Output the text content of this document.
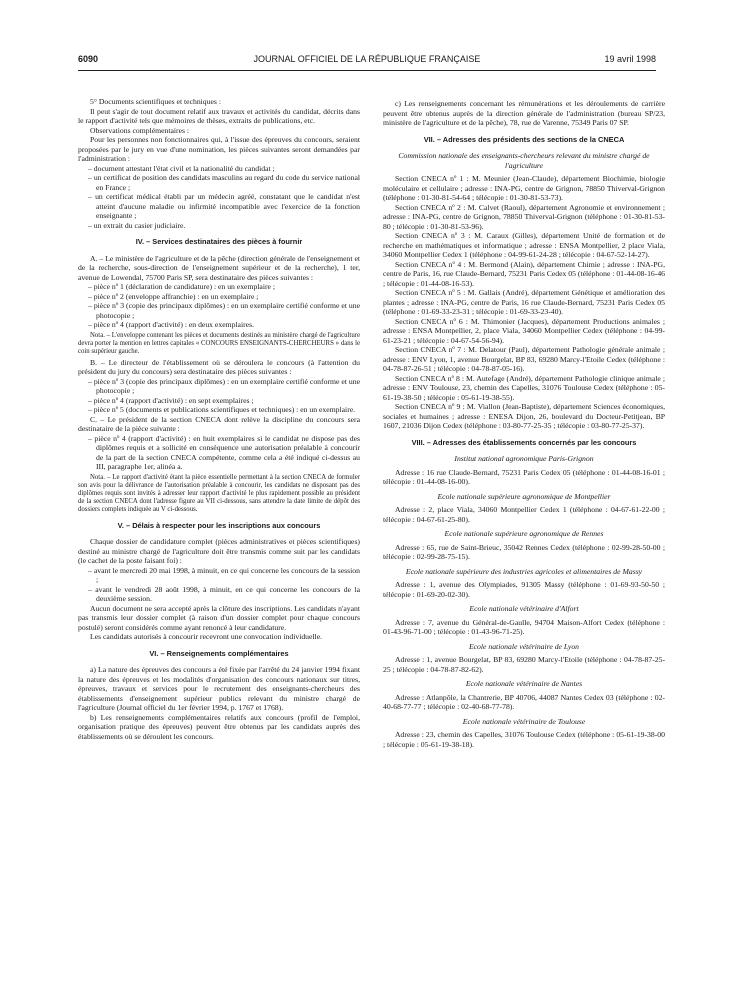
6090	JOURNAL OFFICIEL DE LA RÉPUBLIQUE FRANÇAISE	19 avril 1998

5° Documents scientifiques et techniques :

Il peut s'agir de tout document relatif aux travaux et activités du candidat, décrits dans le rapport d'activité tels que mémoires de thèses, extraits de publications, etc.

Observations complémentaires :

Pour les personnes non fonctionnaires qui, à l'issue des épreuves du concours, seraient proposées par le jury en vue d'une nomination, les pièces suivantes seront demandées par l'administration :

– document attestant l'état civil et la nationalité du candidat ;
– un certificat de position des candidats masculins au regard du code du service national en France ;
– un certificat médical établi par un médecin agréé, constatant que le candidat n'est atteint d'aucune maladie ou infirmité incompatible avec l'exercice de la fonction enseignante ;
– un extrait du casier judiciaire.

IV. – Services destinataires des pièces à fournir

A. – Le ministère de l'agriculture et de la pêche (direction générale de l'enseignement et de la recherche, sous-direction de l'enseignement supérieur et de la recherche), 1 ter, avenue de Lowendal, 75700 Paris SP, sera destinataire des pièces suivantes :

– pièce nº 1 (déclaration de candidature) : en un exemplaire ;
– pièce nº 2 (enveloppe affranchie) : en un exemplaire ;
– pièce nº 3 (copie des principaux diplômes) : en un exemplaire certifié conforme et une photocopie ;
– pièce nº 4 (rapport d'activité) : en deux exemplaires.

Nota. – L'enveloppe contenant les pièces et documents destinés au ministère chargé de l'agriculture devra porter la mention en lettres capitales « CONCOURS ENSEIGNANTS-CHERCHEURS » dans le coin supérieur gauche.

B. – Le directeur de l'établissement où se déroulera le concours (à l'attention du président du jury du concours) sera destinataire des pièces suivantes :

– pièce nº 3 (copie des principaux diplômes) : en un exemplaire certifié conforme et une photocopie ;
– pièce nº 4 (rapport d'activité) : en sept exemplaires ;
– pièce nº 5 (documents et publications scientifiques et techniques) : en un exemplaire.

C. – Le président de la section CNECA dont relève la discipline du concours sera destinataire de la pièce suivante :

– pièce nº 4 (rapport d'activité) : en huit exemplaires si le candidat ne dispose pas des diplômes requis et a sollicité en conséquence une autorisation préalable à concourir de la part de la section CNECA compétente, comme cela a été indiqué ci-dessus au III, paragraphe 1er, alinéa a.

Nota. – Le rapport d'activité étant la pièce essentielle permettant à la section CNECA de formuler son avis pour la délivrance de l'autorisation préalable à concourir, les candidats ne disposant pas des diplômes requis sont invités à adresser leur rapport d'activité le plus rapidement possible au président de la section CNECA dont l'adresse figure au VII ci-dessous, sans attendre la date limite de dépôt des dossiers complets indiquée au V ci-dessous.

V. – Délais à respecter pour les inscriptions aux concours

Chaque dossier de candidature complet (pièces administratives et pièces scientifiques) destiné au ministre chargé de l'agriculture doit être transmis comme suit par les candidats (le cachet de la poste faisant foi) :

– avant le mercredi 20 mai 1998, à minuit, en ce qui concerne les concours de la session ;
– avant le vendredi 28 août 1998, à minuit, en ce qui concerne les concours de la deuxième session.

Aucun document ne sera accepté après la clôture des inscriptions. Les candidats n'ayant pas transmis leur dossier complet (à raison d'un dossier complet pour chaque concours postulé) seront considérés comme ayant renoncé à leur candidature.

Les candidats autorisés à concourir recevront une convocation individuelle.

VI. – Renseignements complémentaires

a) La nature des épreuves des concours a été fixée par l'arrêté du 24 janvier 1994 fixant la nature des épreuves et les modalités d'organisation des concours nationaux sur titres, épreuves, travaux et services pour le recrutement des enseignants-chercheurs des établissements d'enseignement supérieur publics relevant du ministre chargé de l'agriculture (Journal officiel du 1er février 1994, p. 1767 et 1768).

b) Les renseignements complémentaires relatifs aux concours (profil de l'emploi, organisation pratique des épreuves) peuvent être obtenus par les candidats auprès des établissements où se déroulent les concours.

c) Les renseignements concernant les rémunérations et les déroulements de carrière peuvent être obtenus auprès de la direction générale de l'administration (bureau SP/23, ministère de l'agriculture et de la pêche), 78, rue de Varenne, 75349 Paris 07 SP.

VII. – Adresses des présidents des sections de la CNECA

Commission nationale des enseignants-chercheurs relevant du ministre chargé de l'agriculture

Section CNECA nº 1 : M. Meunier (Jean-Claude), département Biochimie, biologie moléculaire et cellulaire ; adresse : INA-PG, centre de Grignon, 78850 Thiverval-Grignon (téléphone : 01-30-81-54-64 ; télécopie : 01-30-81-53-73).

Section CNECA nº 2 : M. Calvet (Raoul), département Agronomie et environnement ; adresse : INA-PG, centre de Grignon, 78850 Thiverval-Grignon (téléphone : 01-30-81-53-80 ; télécopie : 01-30-81-53-96).

Section CNECA nº 3 : M. Caraux (Gilles), département Unité de formation et de recherche en mathématiques et informatique ; adresse : ENSA Montpellier, 2 place Viala, 34060 Montpellier Cedex 1 (téléphone : 04-99-61-24-28 ; télécopie : 04-67-52-14-27).

Section CNECA nº 4 : M. Bermond (Alain), département Chimie ; adresse : INA-PG, centre de Paris, 16, rue Claude-Bernard, 75231 Paris Cedex 05 (téléphone : 01-44-08-16-46 ; télécopie : 01-44-08-16-53).

Section CNECA nº 5 : M. Gallais (André), département Génétique et amélioration des plantes ; adresse : INA-PG, centre de Paris, 16 rue Claude-Bernard, 75231 Paris Cedex 05 (téléphone : 01-69-33-23-31 ; télécopie : 01-69-33-23-40).

Section CNECA nº 6 : M. Thimonier (Jacques), département Productions animales ; adresse : ENSA Montpellier, 2, place Viala, 34060 Montpellier Cedex (téléphone : 04-99-61-23-21 ; télécopie : 04-67-54-56-94).

Section CNECA nº 7 : M. Delatour (Paul), département Pathologie générale animale ; adresse : ENV Lyon, 1, avenue Bourgelat, BP 83, 69280 Marcy-l'Etoile Cedex (téléphone : 04-78-87-26-51 ; télécopie : 04-78-87-05-16).

Section CNECA nº 8 : M. Autefage (André), département Pathologie clinique animale ; adresse : ENV Toulouse, 23, chemin des Capelles, 31076 Toulouse Cedex (téléphone : 05-61-19-38-50 ; télécopie : 05-61-19-38-55).

Section CNECA nº 9 : M. Viallon (Jean-Baptiste), département Sciences économiques, sociales et humaines ; adresse : ENESA Dijon, 26, boulevard du Docteur-Petitjean, BP 1607, 21036 Dijon Cedex (téléphone : 03-80-77-25-35 ; télécopie : 03-80-77-25-37).

VIII. – Adresses des établissements concernés par les concours

Institut national agronomique Paris-Grignon

Adresse : 16 rue Claude-Bernard, 75231 Paris Cedex 05 (téléphone : 01-44-08-16-01 ; télécopie : 01-44-08-16-00).

Ecole nationale supérieure agronomique de Montpellier

Adresse : 2, place Viala, 34060 Montpellier Cedex 1 (téléphone : 04-67-61-22-00 ; télécopie : 04-67-61-25-80).

Ecole nationale supérieure agronomique de Rennes

Adresse : 65, rue de Saint-Brieuc, 35042 Rennes Cedex (téléphone : 02-99-28-50-00 ; télécopie : 02-99-28-75-15).

Ecole nationale supérieure des industries agricoles et alimentaires de Massy

Adresse : 1, avenue des Olympiades, 91305 Massy (téléphone : 01-69-93-50-50 ; télécopie : 01-69-20-02-30).

Ecole nationale vétérinaire d'Alfort

Adresse : 7, avenue du Général-de-Gaulle, 94704 Maison-Alfort Cedex (téléphone : 01-43-96-71-00 ; télécopie : 01-43-96-71-25).

Ecole nationale vétérinaire de Lyon

Adresse : 1, avenue Bourgelat, BP 83, 69280 Marcy-l'Etoile (téléphone : 04-78-87-25-25 ; télécopie : 04-78-87-82-62).

Ecole nationale vétérinaire de Nantes

Adresse : Atlanpôle, la Chantrerie, BP 40706, 44087 Nantes Cedex 03 (téléphone : 02-40-68-77-77 ; télécopie : 02-40-68-77-78).

Ecole nationale vétérinaire de Toulouse

Adresse : 23, chemin des Capelles, 31076 Toulouse Cedex (téléphone : 05-61-19-38-00 ; télécopie : 05-61-19-38-18).
